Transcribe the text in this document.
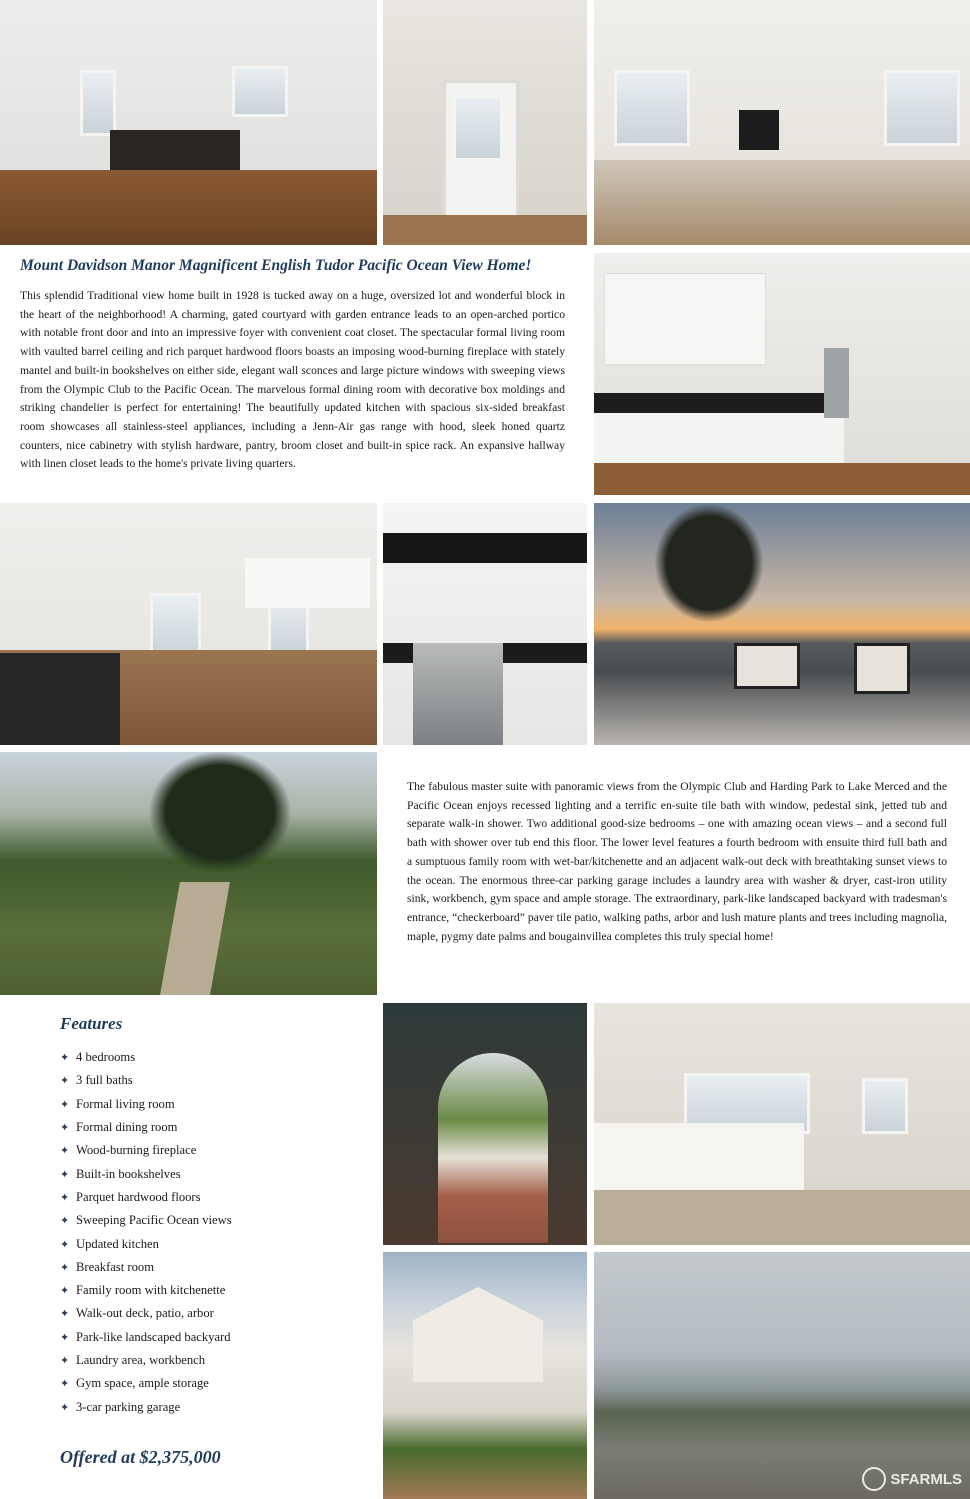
Mount Davidson Manor Magnificent English Tudor Pacific Ocean View Home!
This splendid Traditional view home built in 1928 is tucked away on a huge, oversized lot and wonderful block in the heart of the neighborhood! A charming, gated courtyard with garden entrance leads to an open-arched portico with notable front door and into an impressive foyer with convenient coat closet. The spectacular formal living room with vaulted barrel ceiling and rich parquet hardwood floors boasts an imposing wood-burning fireplace with stately mantel and built-in bookshelves on either side, elegant wall sconces and large picture windows with sweeping views from the Olympic Club to the Pacific Ocean. The marvelous formal dining room with decorative box moldings and striking chandelier is perfect for entertaining! The beautifully updated kitchen with spacious six-sided breakfast room showcases all stainless-steel appliances, including a Jenn-Air gas range with hood, sleek honed quartz counters, nice cabinetry with stylish hardware, pantry, broom closet and built-in spice rack. An expansive hallway with linen closet leads to the home's private living quarters.
The fabulous master suite with panoramic views from the Olympic Club and Harding Park to Lake Merced and the Pacific Ocean enjoys recessed lighting and a terrific en-suite tile bath with window, pedestal sink, jetted tub and separate walk-in shower. Two additional good-size bedrooms – one with amazing ocean views – and a second full bath with shower over tub end this floor. The lower level features a fourth bedroom with ensuite third full bath and a sumptuous family room with wet-bar/kitchenette and an adjacent walk-out deck with breathtaking sunset views to the ocean. The enormous three-car parking garage includes a laundry area with washer & dryer, cast-iron utility sink, workbench, gym space and ample storage. The extraordinary, park-like landscaped backyard with tradesman's entrance, “checkerboard” paver tile patio, walking paths, arbor and lush mature plants and trees including magnolia, maple, pygmy date palms and bougainvillea completes this truly special home!
Features
✦ 4 bedrooms
✦ 3 full baths
✦ Formal living room
✦ Formal dining room
✦ Wood-burning fireplace
✦ Built-in bookshelves
✦ Parquet hardwood floors
✦ Sweeping Pacific Ocean views
✦ Updated kitchen
✦ Breakfast room
✦ Family room with kitchenette
✦ Walk-out deck, patio, arbor
✦ Park-like landscaped backyard
✦ Laundry area, workbench
✦ Gym space, ample storage
✦ 3-car parking garage
Offered at $2,375,000
SFARMLS
